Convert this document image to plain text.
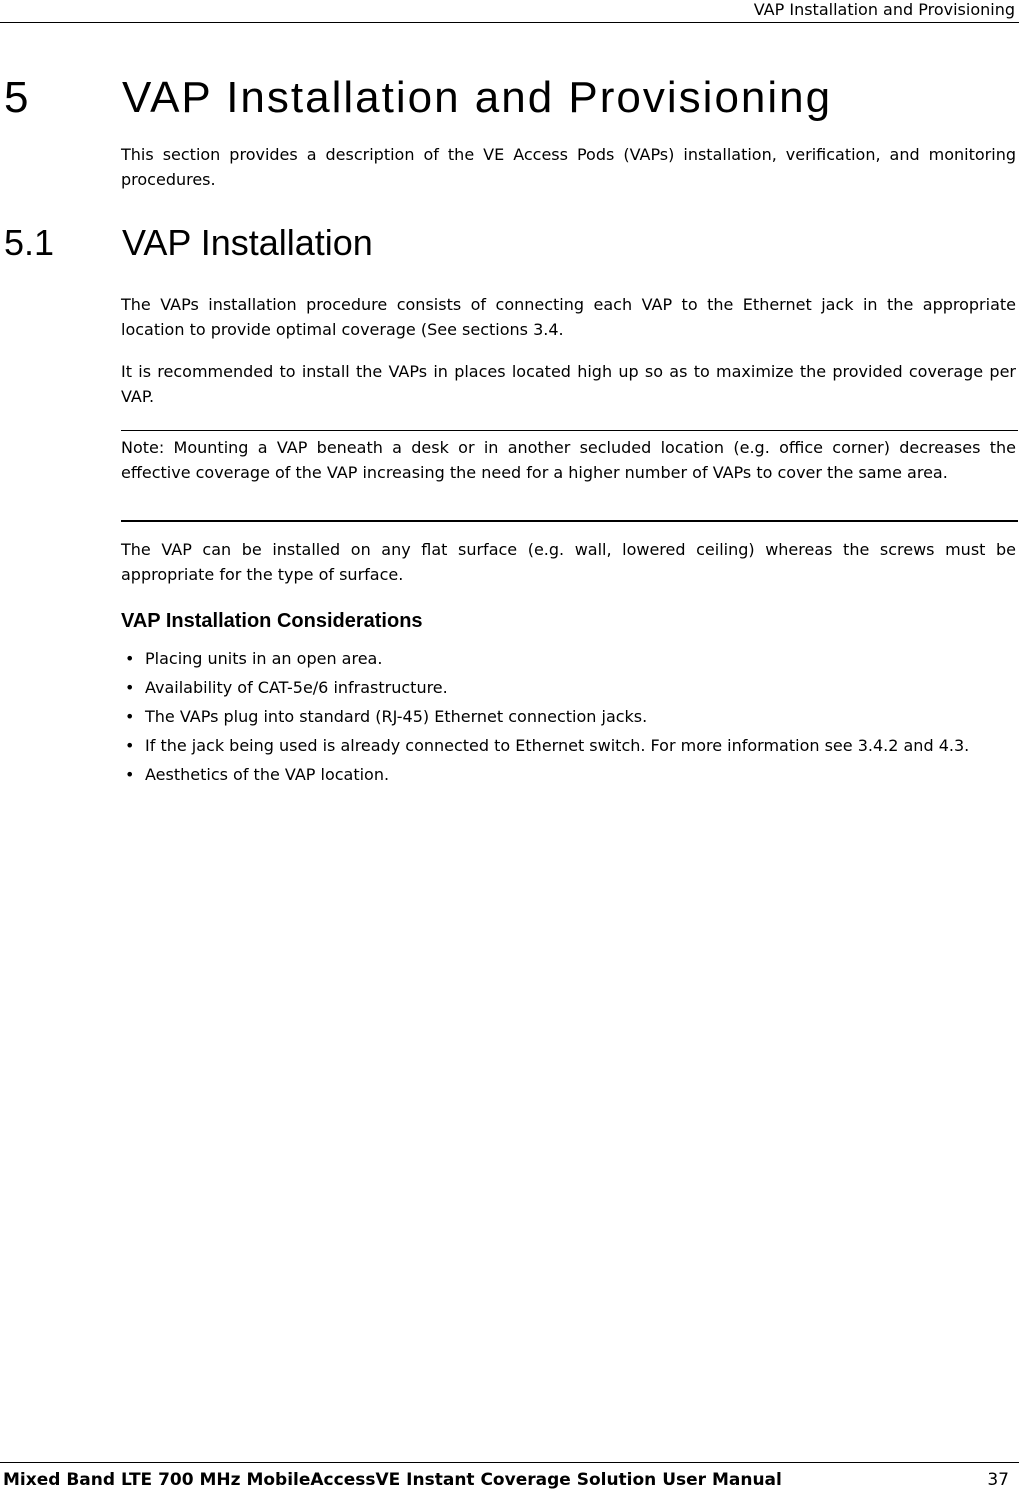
VAP Installation and Provisioning
5 VAP Installation and Provisioning
This section provides a description of the VE Access Pods (VAPs) installation, verification, and monitoring procedures.
5.1 VAP Installation
The VAPs installation procedure consists of connecting each VAP to the Ethernet jack in the appropriate location to provide optimal coverage (See sections 3.4.
It is recommended to install the VAPs in places located high up so as to maximize the provided coverage per VAP.
Note: Mounting a VAP beneath a desk or in another secluded location (e.g. office corner) decreases the effective coverage of the VAP increasing the need for a higher number of VAPs to cover the same area.
The VAP can be installed on any flat surface (e.g. wall, lowered ceiling) whereas the screws must be appropriate for the type of surface.
VAP Installation Considerations
• Placing units in an open area.
• Availability of CAT-5e/6 infrastructure.
• The VAPs plug into standard (RJ-45) Ethernet connection jacks.
• If the jack being used is already connected to Ethernet switch. For more information see 3.4.2 and 4.3.
• Aesthetics of the VAP location.
Mixed Band LTE 700 MHz MobileAccessVE Instant Coverage Solution User Manual	37
